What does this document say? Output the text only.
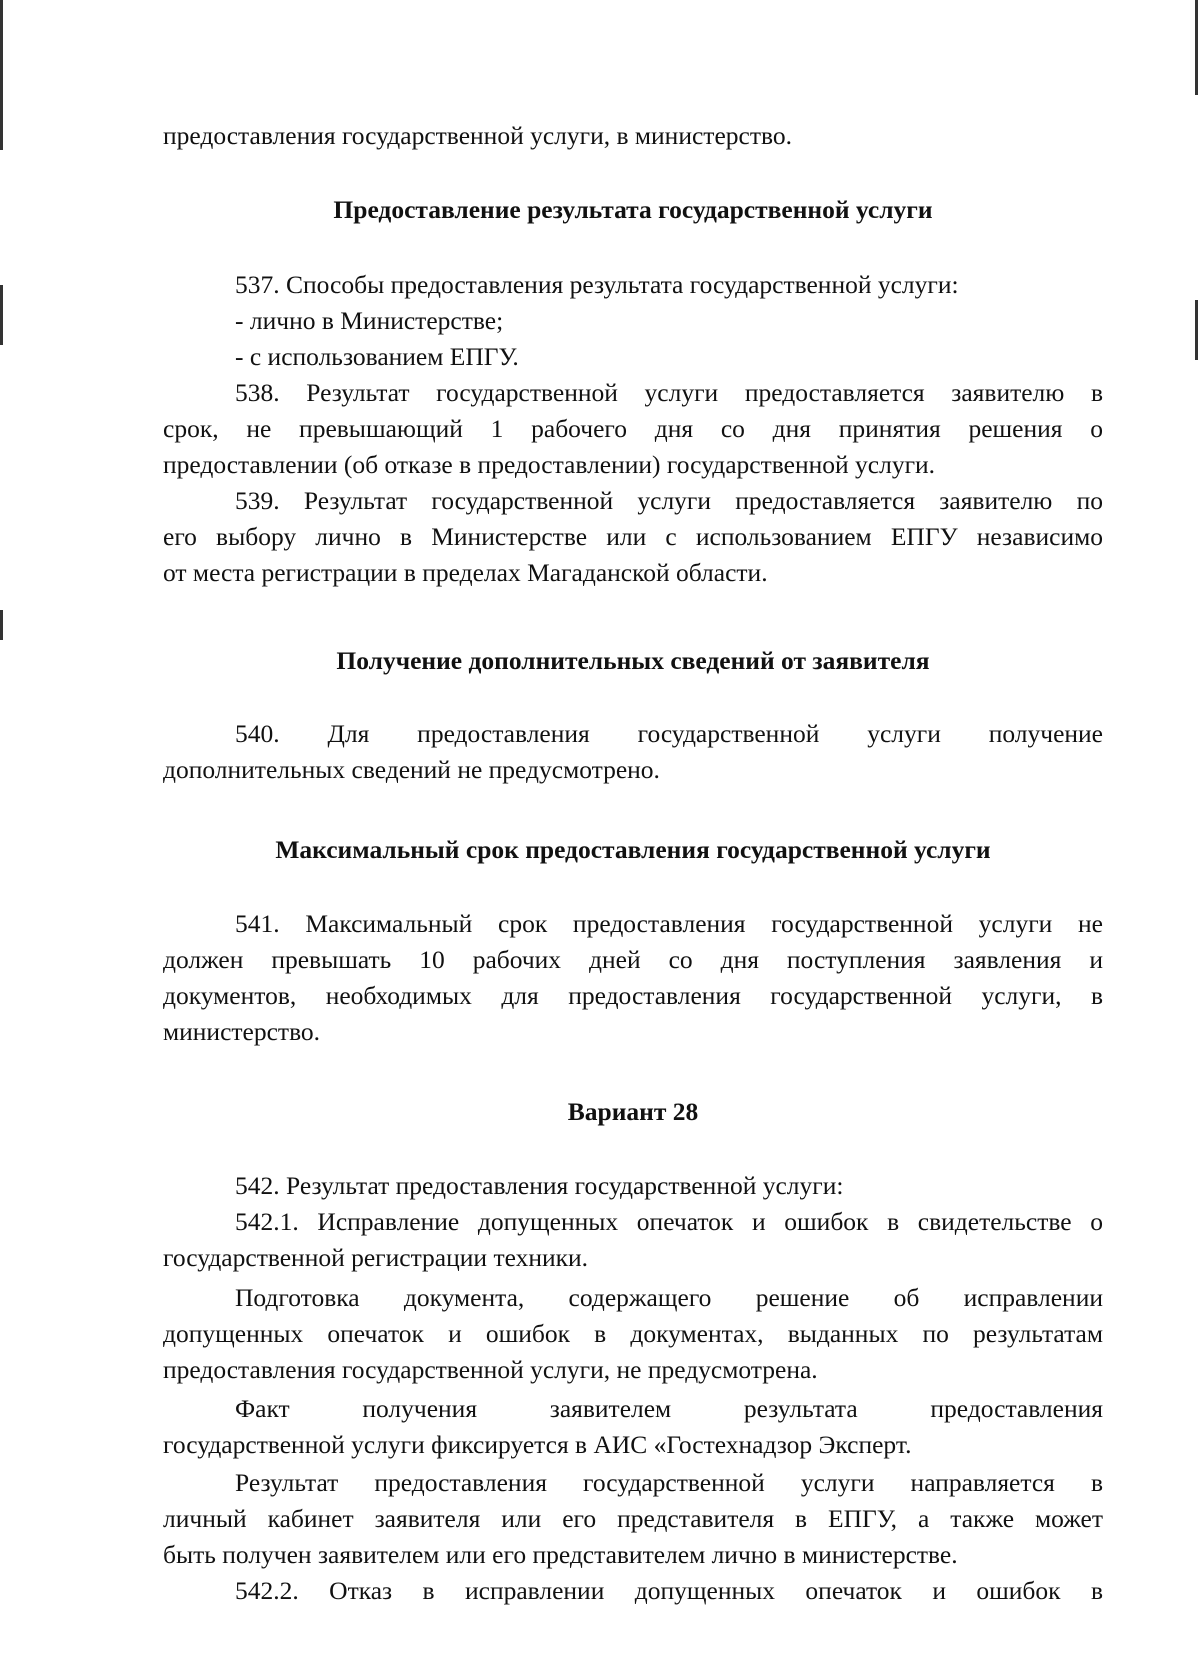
предоставления государственной услуги, в министерство.
Предоставление результата государственной услуги
537. Способы предоставления результата государственной услуги:
- лично в Министерстве;
- с использованием ЕПГУ.
538. Результат государственной услуги предоставляется заявителю в
срок, не превышающий 1 рабочего дня со дня принятия решения о
предоставлении (об отказе в предоставлении) государственной услуги.
539. Результат государственной услуги предоставляется заявителю по
его выбору лично в Министерстве или с использованием ЕПГУ независимо
от места регистрации в пределах Магаданской области.
Получение дополнительных сведений от заявителя
540. Для предоставления государственной услуги получение
дополнительных сведений не предусмотрено.
Максимальный срок предоставления государственной услуги
541. Максимальный срок предоставления государственной услуги не
должен превышать 10 рабочих дней со дня поступления заявления и
документов, необходимых для предоставления государственной услуги, в
министерство.
Вариант 28
542. Результат предоставления государственной услуги:
542.1. Исправление допущенных опечаток и ошибок в свидетельстве о
государственной регистрации техники.
Подготовка документа, содержащего решение об исправлении
допущенных опечаток и ошибок в документах, выданных по результатам
предоставления государственной услуги, не предусмотрена.
Факт получения заявителем результата предоставления
государственной услуги фиксируется в АИС «Гостехнадзор Эксперт.
Результат предоставления государственной услуги направляется в
личный кабинет заявителя или его представителя в ЕПГУ, а также может
быть получен заявителем или его представителем лично в министерстве.
542.2. Отказ в исправлении допущенных опечаток и ошибок в
